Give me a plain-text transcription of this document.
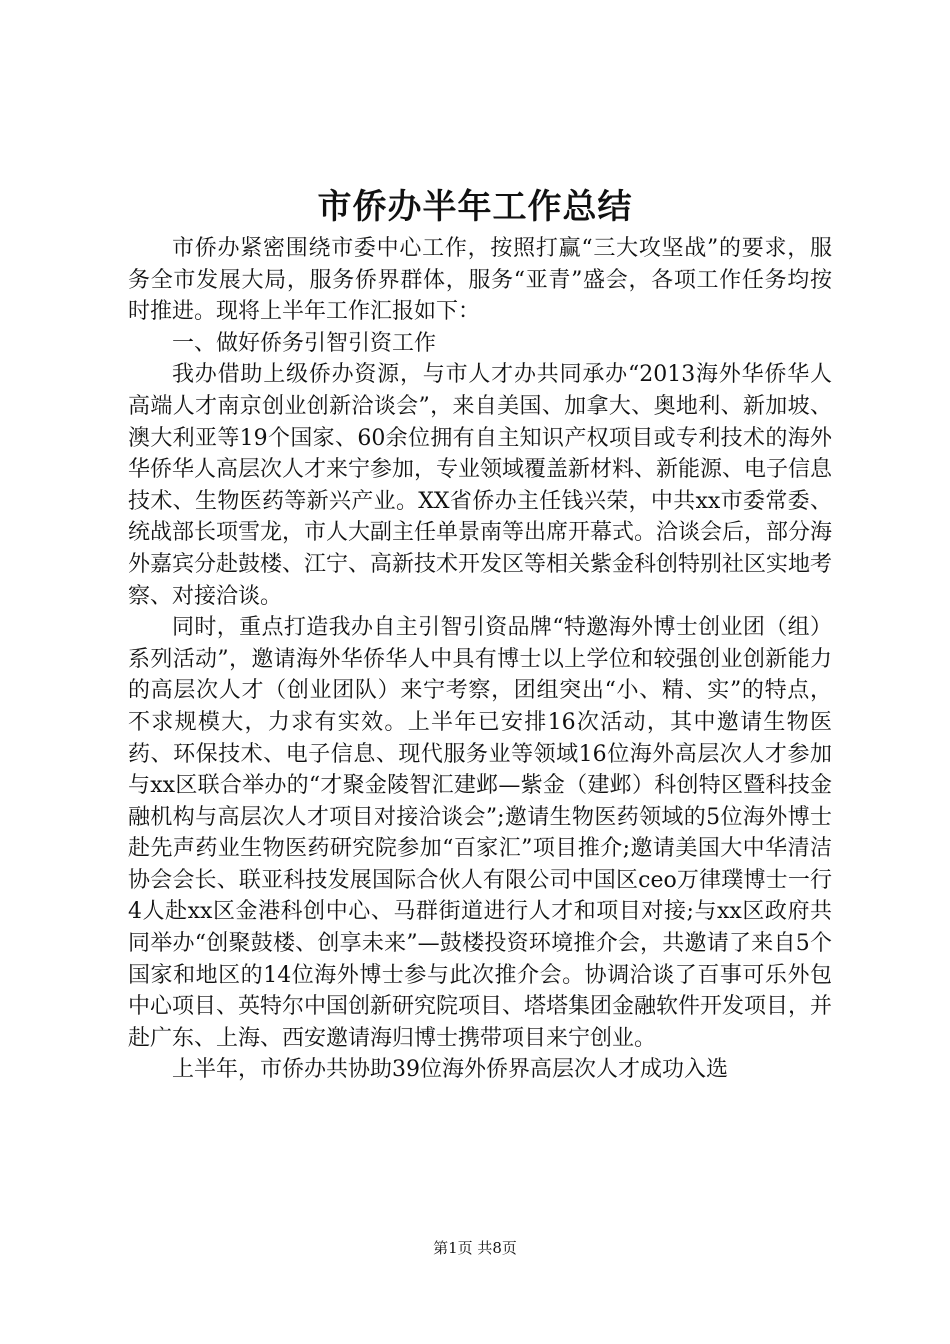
市侨办半年工作总结

市侨办紧密围绕市委中心工作，按照打赢“三大攻坚战”的要求，服务全市发展大局，服务侨界群体，服务“亚青”盛会，各项工作任务均按时推进。现将上半年工作汇报如下：

一、做好侨务引智引资工作

我办借助上级侨办资源，与市人才办共同承办“2013海外华侨华人高端人才南京创业创新洽谈会”，来自美国、加拿大、奥地利、新加坡、澳大利亚等19个国家、60余位拥有自主知识产权项目或专利技术的海外华侨华人高层次人才来宁参加，专业领域覆盖新材料、新能源、电子信息技术、生物医药等新兴产业。XX省侨办主任钱兴荣，中共xx市委常委、统战部长项雪龙，市人大副主任单景南等出席开幕式。洽谈会后，部分海外嘉宾分赴鼓楼、江宁、高新技术开发区等相关紫金科创特别社区实地考察、对接洽谈。

同时，重点打造我办自主引智引资品牌“特邀海外博士创业团（组）系列活动”，邀请海外华侨华人中具有博士以上学位和较强创业创新能力的高层次人才（创业团队）来宁考察，团组突出“小、精、实”的特点，不求规模大，力求有实效。上半年已安排16次活动，其中邀请生物医药、环保技术、电子信息、现代服务业等领域16位海外高层次人才参加与xx区联合举办的“才聚金陵智汇建邺—紫金（建邺）科创特区暨科技金融机构与高层次人才项目对接洽谈会”;邀请生物医药领域的5位海外博士赴先声药业生物医药研究院参加“百家汇”项目推介;邀请美国大中华清洁协会会长、联亚科技发展国际合伙人有限公司中国区ceo万律璞博士一行4人赴xx区金港科创中心、马群街道进行人才和项目对接;与xx区政府共同举办“创聚鼓楼、创享未来”—鼓楼投资环境推介会，共邀请了来自5个国家和地区的14位海外博士参与此次推介会。协调洽谈了百事可乐外包中心项目、英特尔中国创新研究院项目、塔塔集团金融软件开发项目，并赴广东、上海、西安邀请海归博士携带项目来宁创业。

上半年，市侨办共协助39位海外侨界高层次人才成功入选

第1页 共8页
